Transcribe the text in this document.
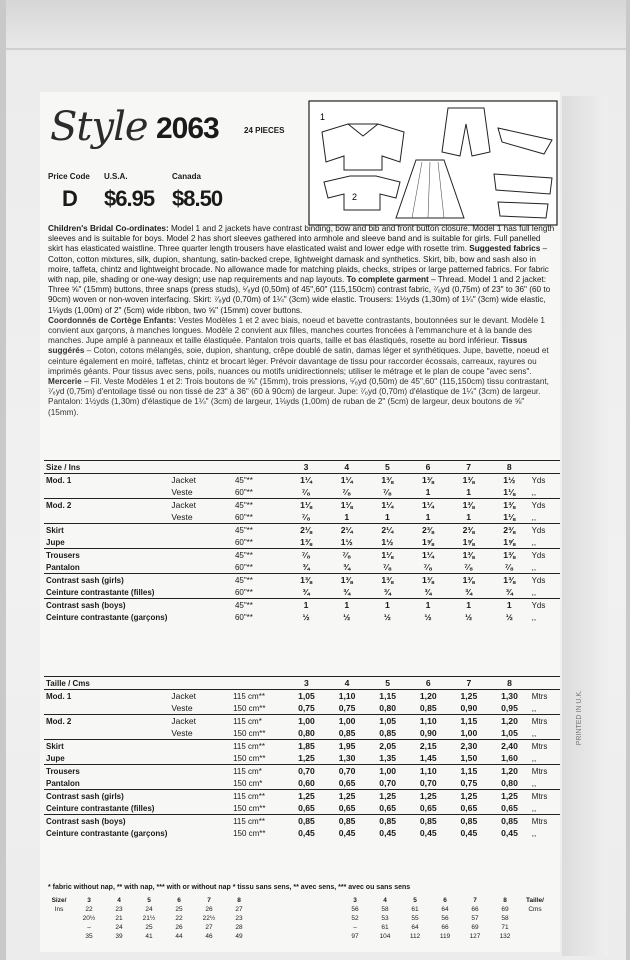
PRINTED IN U.K.
Style 2063	24 PIECES
Price Code
D
U.S.A.
$6.95
Canada
$8.50
1
2

Children's Bridal Co-ordinates: Model 1 and 2 jackets have contrast binding, bow and bib and front button closure. Model 1 has full length sleeves and is suitable for boys. Model 2 has short sleeves gathered into armhole and sleeve band and is suitable for girls. Full panelled skirt has elasticated waistline. Three quarter length trousers have elasticated waist and lower edge with rosette trim. Suggested fabrics – Cotton, cotton mixtures, silk, dupion, shantung, satin-backed crepe, lightweight damask and synthetics. Skirt, bib, bow and sash also in moire, taffeta, chintz and lightweight brocade. No allowance made for matching plaids, checks, stripes or large patterned fabrics. For fabric with nap, pile, shading or one-way design; use nap requirements and nap layouts. To complete garment – Thread. Model 1 and 2 jacket: Three ⅝" (15mm) buttons, three snaps (press studs), ⁵⁄₈yd (0,50m) of 45",60" (115,150cm) contrast fabric, ⁷⁄₈yd (0,75m) of 23" to 36" (60 to 90cm) woven or non-woven interfacing. Skirt: ⁷⁄₈yd (0,70m) of 1¼" (3cm) wide elastic. Trousers: 1½yds (1,30m) of 1¼" (3cm) wide elastic, 1⅛yds (1,00m) of 2" (5cm) wide ribbon, two ⅝" (15mm) cover buttons.

Coordonnés de Cortège Enfants: Vestes Modèles 1 et 2 avec biais, noeud et bavette contrastants, boutonnées sur le devant. Modèle 1 convient aux garçons, à manches longues. Modèle 2 convient aux filles, manches courtes froncées à l'emmanchure et à la bande des manches. Jupe amplé à panneaux et taille élastiquée. Pantalon trois quarts, taille et bas élastiqués, rosette au bord inférieur. Tissus suggérés – Coton, cotons mélangés, soie, dupion, shantung, crêpe doublé de satin, damas léger et synthétiques. Jupe, bavette, noeud et ceinture également en moiré, taffetas, chintz et brocart léger. Prévoir davantage de tissu pour raccorder écossais, carreaux, rayures ou imprimés géants. Pour tissus avec sens, poils, nuances ou motifs unidirectionnels; utiliser le métrage et le plan de coupe "avec sens". Mercerie – Fil. Veste Modèles 1 et 2: Trois boutons de ⅝" (15mm), trois pressions, ⁵⁄₈yd (0,50m) de 45",60" (115,150cm) tissu contrastant, ⁷⁄₈yd (0,75m) d'entoilage tissé ou non tissé de 23" à 36" (60 à 90cm) de largeur. Jupe: ⁷⁄₈yd (0,70m) d'élastique de 1¼" (3cm) de largeur. Pantalon: 1½yds (1,30m) d'élastique de 1¼" (3cm) de largeur, 1⅛yds (1,00m) de ruban de 2" (5cm) de largeur, deux boutons de ⅝" (15mm).

Size / Ins			3	4	5	6	7	8	
Mod. 1	Jacket	45"**	1¼	1¼	1⅜	1⅜	1⅜	1½	Yds
	Veste	60"**	⁷⁄₈	⁷⁄₈	⁷⁄₈	1	1	1⅛	,,
Mod. 2	Jacket	45"**	1⅛	1⅛	1¼	1¼	1⅜	1⅜	Yds
	Veste	60"**	⁷⁄₈	1	1	1	1	1⅛	,,
Skirt		45"**	2⅛	2¼	2¼	2⅜	2⅜	2⅜	Yds
Jupe		60"**	1⅜	1½	1½	1⅝	1⅝	1⅝	,,
Trousers		45"**	⁷⁄₈	⁷⁄₈	1⅛	1¼	1⅜	1⅜	Yds
Pantalon		60"**	¾	¾	⁷⁄₈	⁷⁄₈	⁷⁄₈	⁷⁄₈	,,
Contrast sash (girls)		45"**	1⅜	1⅜	1⅜	1⅜	1⅜	1⅜	Yds
Ceinture contrastante (filles)		60"**	¾	¾	¾	¾	¾	¾	,,
Contrast sash (boys)		45"**	1	1	1	1	1	1	Yds
Ceinture contrastante (garçons)		60"**	½	½	½	½	½	½	,,
Taille / Cms			3	4	5	6	7	8	
Mod. 1	Jacket	115 cm**	1,05	1,10	1,15	1,20	1,25	1,30	Mtrs
	Veste	150 cm**	0,75	0,75	0,80	0,85	0,90	0,95	,,
Mod. 2	Jacket	115 cm*	1,00	1,00	1,05	1,10	1,15	1,20	Mtrs
	Veste	150 cm**	0,80	0,85	0,85	0,90	1,00	1,05	,,
Skirt		115 cm**	1,85	1,95	2,05	2,15	2,30	2,40	Mtrs
Jupe		150 cm**	1,25	1,30	1,35	1,45	1,50	1,60	,,
Trousers		115 cm*	0,70	0,70	1,00	1,10	1,15	1,20	Mtrs
Pantalon		150 cm*	0,60	0,65	0,70	0,70	0,75	0,80	,,
Contrast sash (girls)		115 cm**	1,25	1,25	1,25	1,25	1,25	1,25	Mtrs
Ceinture contrastante (filles)		150 cm**	0,65	0,65	0,65	0,65	0,65	0,65	,,
Contrast sash (boys)		115 cm**	0,85	0,85	0,85	0,85	0,85	0,85	Mtrs
Ceinture contrastante (garçons)		150 cm**	0,45	0,45	0,45	0,45	0,45	0,45	,,
* fabric without nap, ** with nap, *** with or without nap * tissu sans sens, ** avec sens, *** avec ou sans sens
Size/	3	4	5	6	7	8
Ins	22	23	24	25	26	27
	20½	21	21½	22	22½	23
	–	24	25	26	27	28
	35	39	41	44	46	49
3	4	5	6	7	8	Taille/
56	58	61	64	66	69	Cms
52	53	55	56	57	58	
–	61	64	66	69	71	
97	104	112	119	127	132	
